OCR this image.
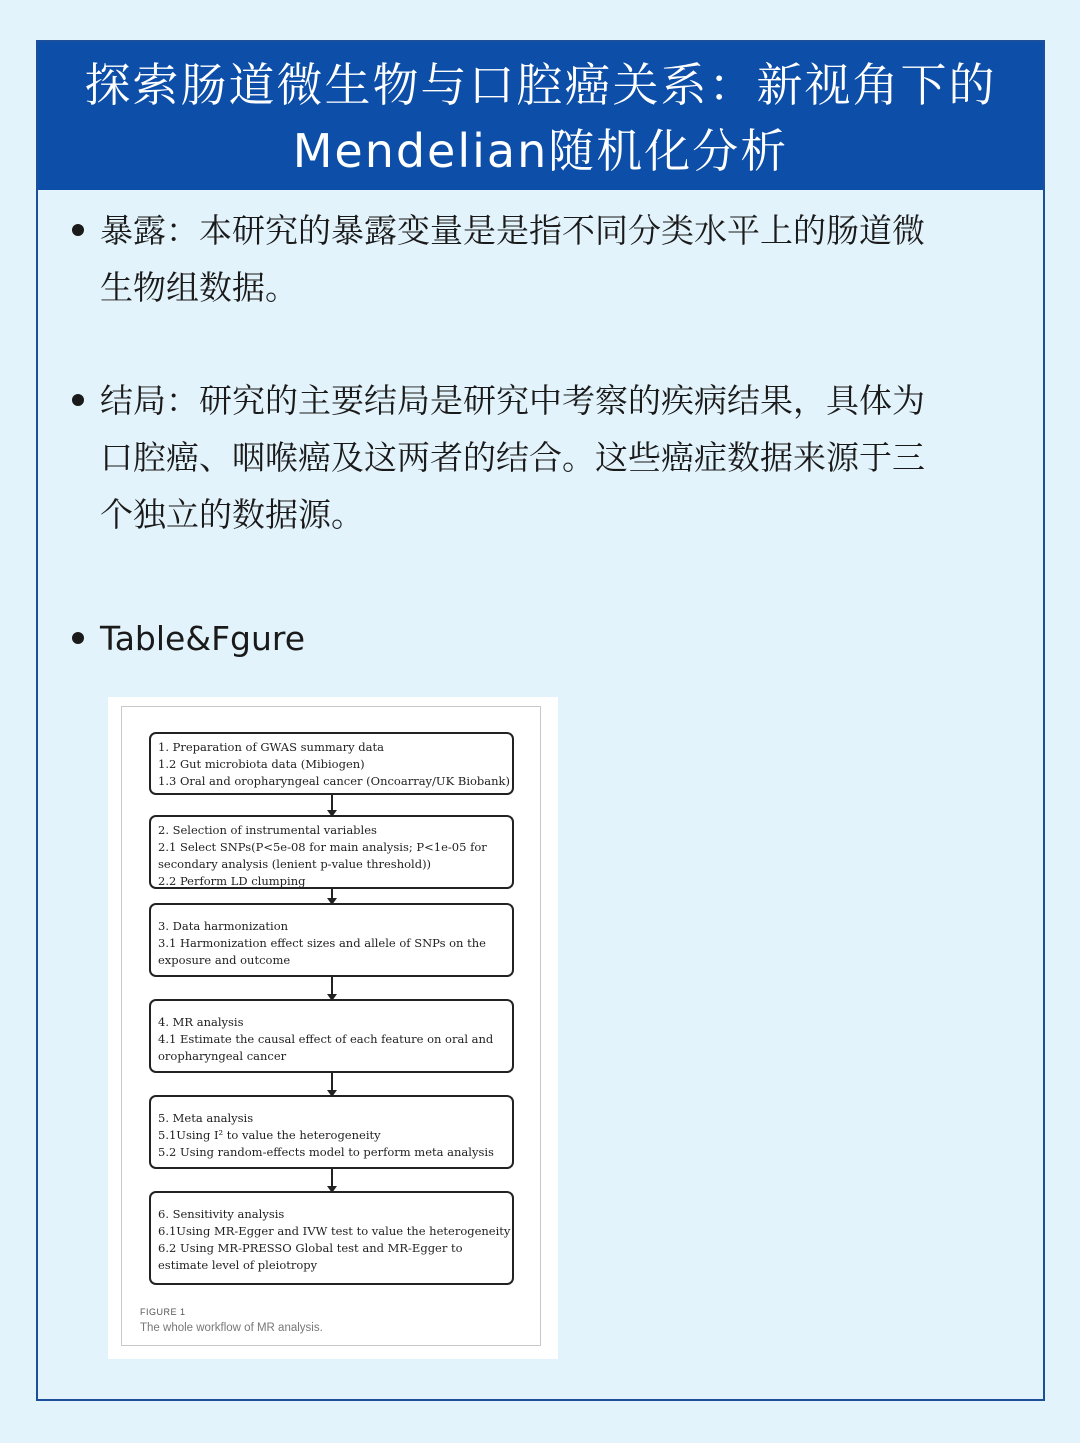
探索肠道微生物与口腔癌关系：新视角下的
Mendelian随机化分析
暴露：本研究的暴露变量是是指不同分类水平上的肠道微
生物组数据。
结局：研究的主要结局是研究中考察的疾病结果，具体为
口腔癌、咽喉癌及这两者的结合。这些癌症数据来源于三
个独立的数据源。
Table&Fgure
1. Preparation of GWAS summary data
1.2 Gut microbiota data (Mibiogen)
1.3 Oral and oropharyngeal cancer (Oncoarray/UK Biobank)
2. Selection of instrumental variables
2.1 Select SNPs(P<5e-08 for main analysis; P<1e-05 for
secondary analysis (lenient p-value threshold))
2.2 Perform LD clumping
3. Data harmonization
3.1 Harmonization effect sizes and allele of SNPs on the
exposure and outcome
4. MR analysis
4.1 Estimate the causal effect of each feature on oral and
oropharyngeal cancer
5. Meta analysis
5.1Using I² to value the heterogeneity
5.2 Using random-effects model to perform meta analysis
6. Sensitivity analysis
6.1Using MR-Egger and IVW test to value the heterogeneity
6.2 Using MR-PRESSO Global test and MR-Egger to
estimate level of pleiotropy
FIGURE 1
The whole workflow of MR analysis.
